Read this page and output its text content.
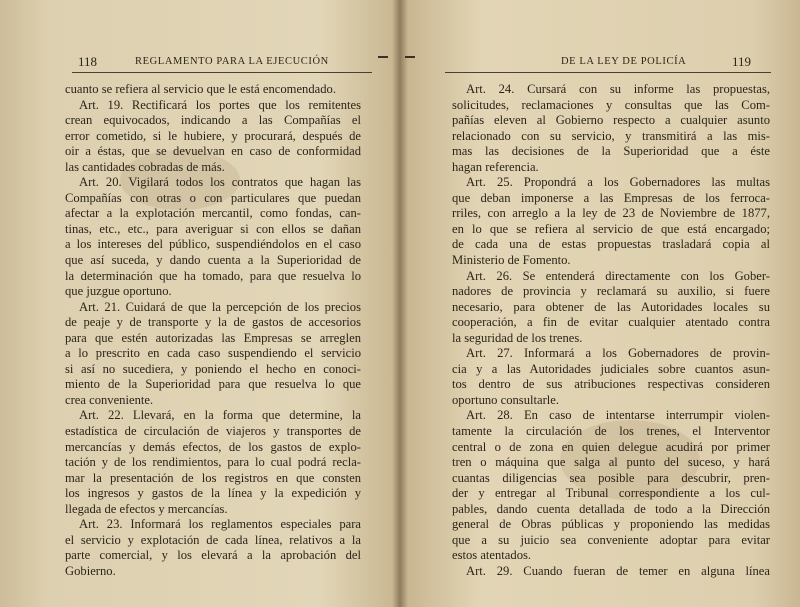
118	REGLAMENTO PARA LA EJECUCIÓN
cuanto se refiera al servicio que le está encomendado.
Art. 19. Rectificará los portes que los remitentes
crean equivocados, indicando a las Compañías el
error cometido, si le hubiere, y procurará, después de
oir a éstas, que se devuelvan en caso de conformidad
las cantidades cobradas de más.
Art. 20. Vigilará todos los contratos que hagan las
Compañías con otras o con particulares que puedan
afectar a la explotación mercantil, como fondas, can-
tinas, etc., etc., para averiguar si con ellos se dañan
a los intereses del público, suspendiéndolos en el caso
que así suceda, y dando cuenta a la Superioridad de
la determinación que ha tomado, para que resuelva lo
que juzgue oportuno.
Art. 21. Cuidará de que la percepción de los precios
de peaje y de transporte y la de gastos de accesorios
para que estén autorizadas las Empresas se arreglen
a lo prescrito en cada caso suspendiendo el servicio
si así no sucediera, y poniendo el hecho en conoci-
miento de la Superioridad para que resuelva lo que
crea conveniente.
Art. 22. Llevará, en la forma que determine, la
estadística de circulación de viajeros y transportes de
mercancías y demás efectos, de los gastos de explo-
tación y de los rendimientos, para lo cual podrá recla-
mar la presentación de los registros en que consten
los ingresos y gastos de la línea y la expedición y
llegada de efectos y mercancías.
Art. 23. Informará los reglamentos especiales para
el servicio y explotación de cada línea, relativos a la
parte comercial, y los elevará a la aprobación del
Gobierno.
DE LA LEY DE POLICÍA	119
Art. 24. Cursará con su informe las propuestas,
solicitudes, reclamaciones y consultas que las Com-
pañías eleven al Gobierno respecto a cualquier asunto
relacionado con su servicio, y transmitirá a las mis-
mas las decisiones de la Superioridad que a éste
hagan referencia.
Art. 25. Propondrá a los Gobernadores las multas
que deban imponerse a las Empresas de los ferroca-
rriles, con arreglo a la ley de 23 de Noviembre de 1877,
en lo que se refiera al servicio de que está encargado;
de cada una de estas propuestas trasladará copia al
Ministerio de Fomento.
Art. 26. Se entenderá directamente con los Gober-
nadores de provincia y reclamará su auxilio, si fuere
necesario, para obtener de las Autoridades locales su
cooperación, a fin de evitar cualquier atentado contra
la seguridad de los trenes.
Art. 27. Informará a los Gobernadores de provin-
cia y a las Autoridades judiciales sobre cuantos asun-
tos dentro de sus atribuciones respectivas consideren
oportuno consultarle.
Art. 28. En caso de intentarse interrumpir violen-
tamente la circulación de los trenes, el Interventor
central o de zona en quien delegue acudirá por primer
tren o máquina que salga al punto del suceso, y hará
cuantas diligencias sea posible para descubrir, pren-
der y entregar al Tribunal correspondiente a los cul-
pables, dando cuenta detallada de todo a la Dirección
general de Obras públicas y proponiendo las medidas
que a su juicio sea conveniente adoptar para evitar
estos atentados.
Art. 29. Cuando fueran de temer en alguna línea
